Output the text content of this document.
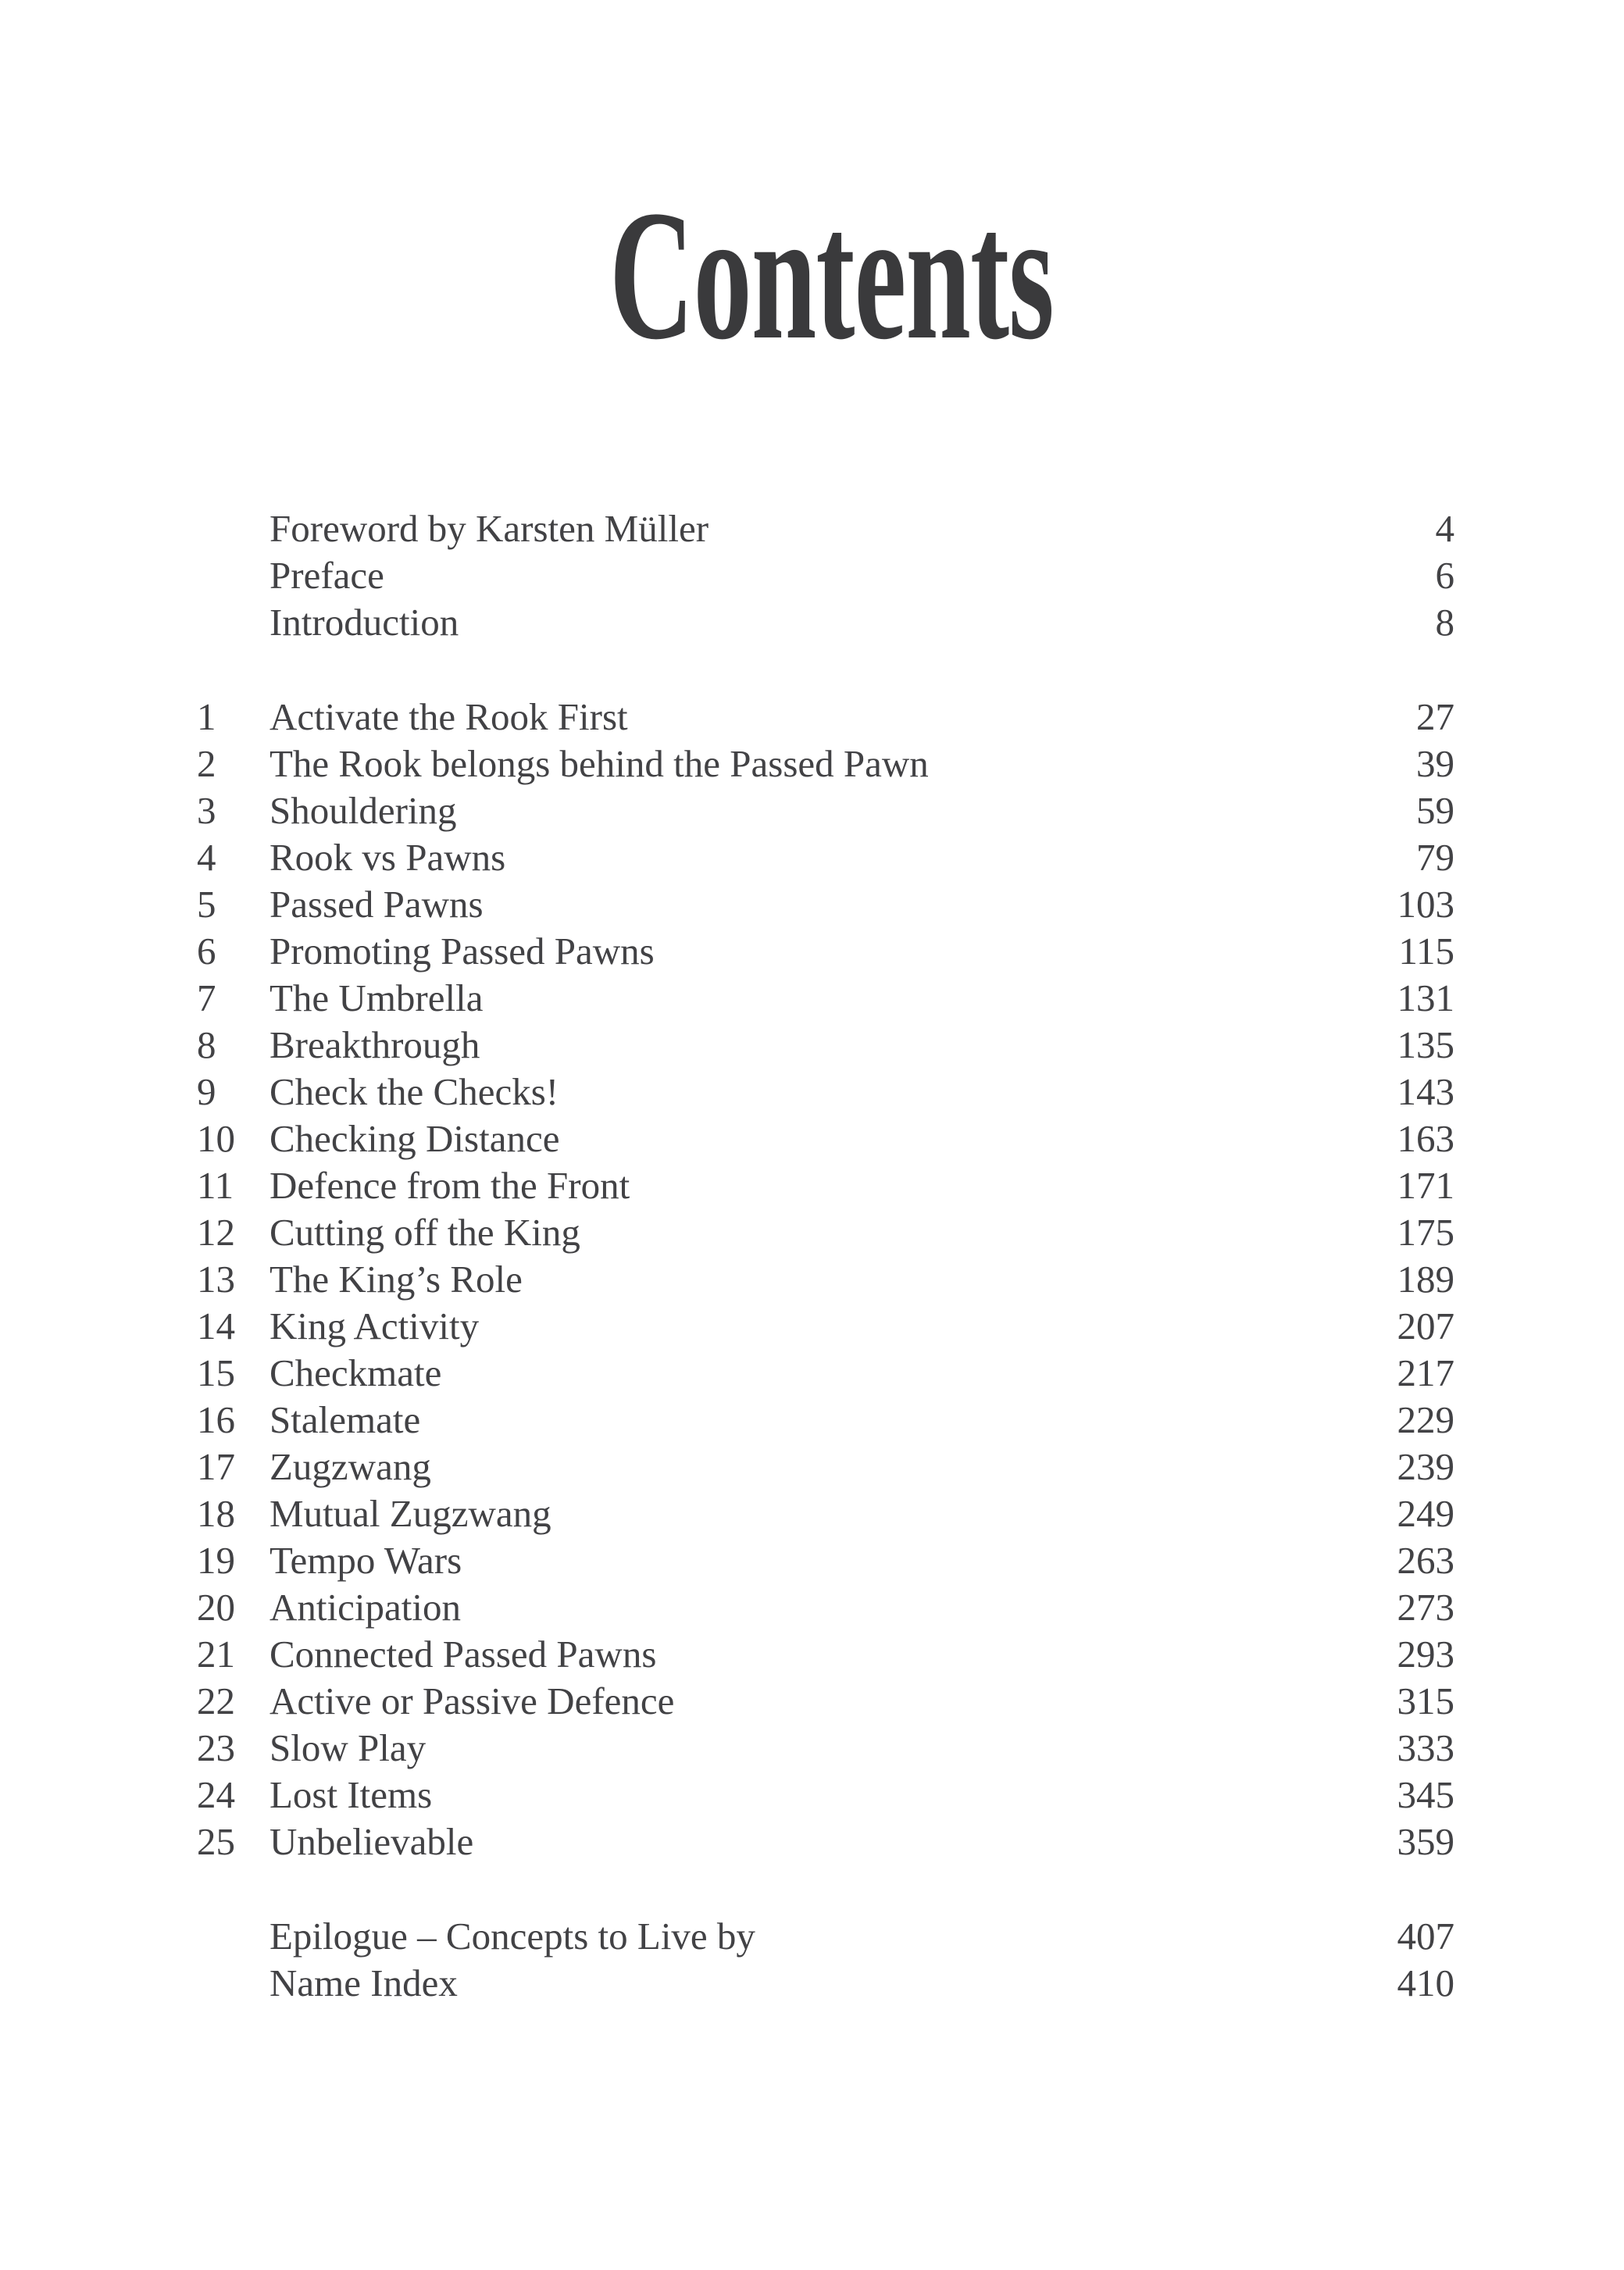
Contents
Foreword by Karsten Müller	4
Preface	6
Introduction	8
1	Activate the Rook First	27
2	The Rook belongs behind the Passed Pawn	39
3	Shouldering	59
4	Rook vs Pawns	79
5	Passed Pawns	103
6	Promoting Passed Pawns	115
7	The Umbrella	131
8	Breakthrough	135
9	Check the Checks!	143
10 Checking Distance	163
11 Defence from the Front	171
12 Cutting off the King	175
13 The King’s Role	189
14 King Activity	207
15 Checkmate	217
16 Stalemate	229
17 Zugzwang	239
18 Mutual Zugzwang	249
19 Tempo Wars	263
20 Anticipation	273
21 Connected Passed Pawns	293
22 Active or Passive Defence	315
23 Slow Play	333
24 Lost Items	345
25 Unbelievable	359
Epilogue – Concepts to Live by	407
Name Index	410
